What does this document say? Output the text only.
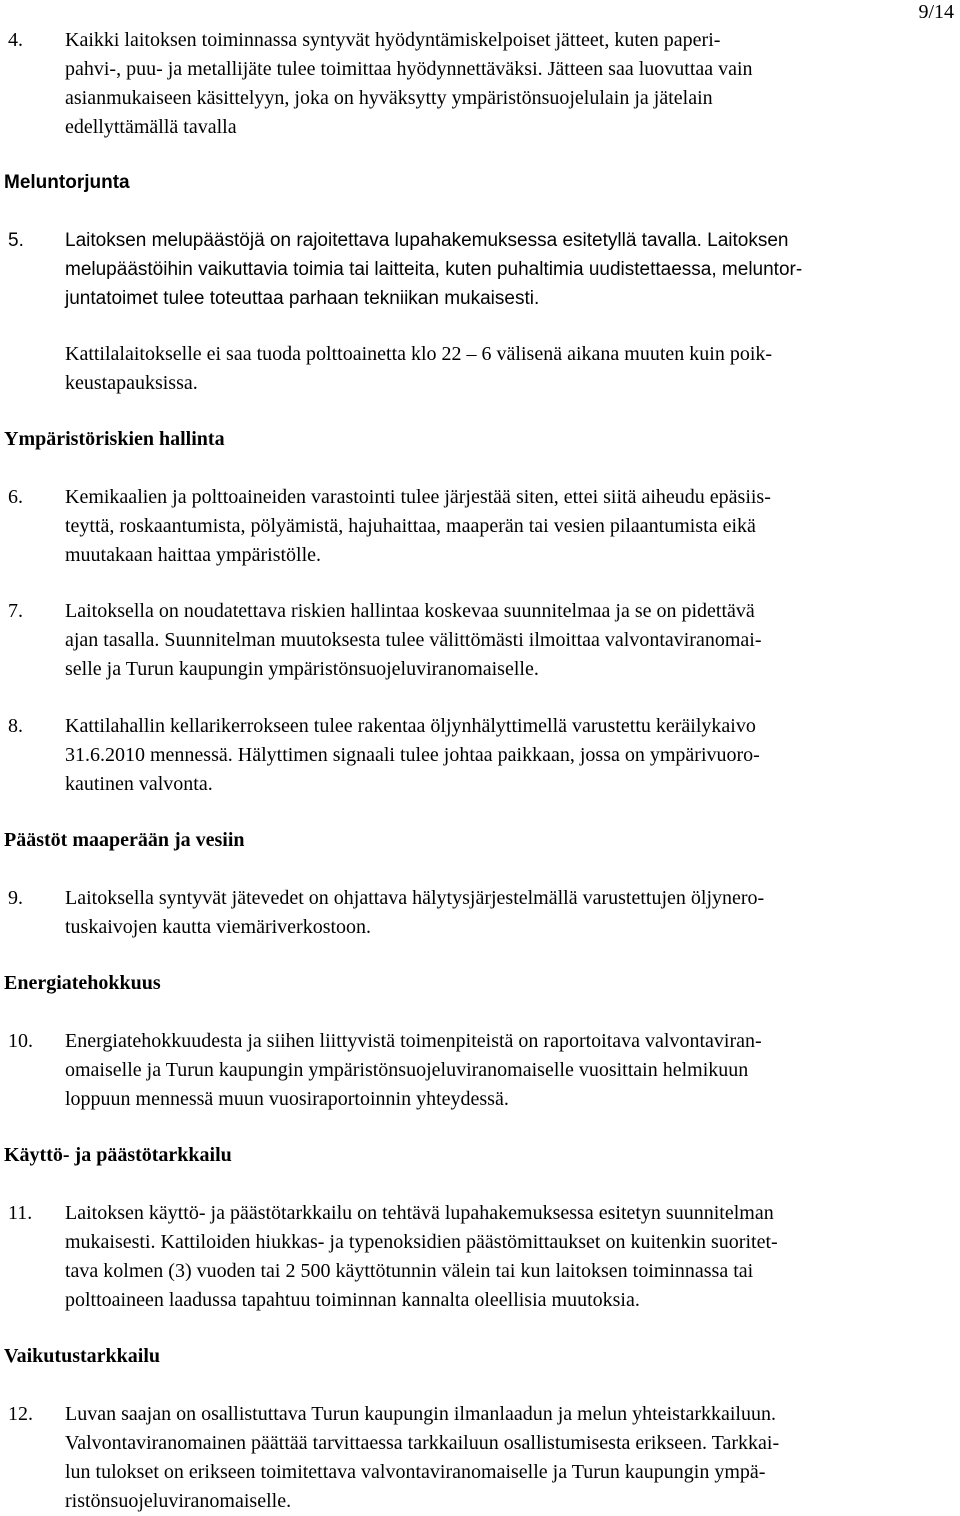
9/14
4. Kaikki laitoksen toiminnassa syntyvät hyödyntämiskelpoiset jätteet, kuten paperi-
pahvi-, puu- ja metallijäte tulee toimittaa hyödynnettäväksi. Jätteen saa luovuttaa vain
asianmukaiseen käsittelyyn, joka on hyväksytty ympäristönsuojelulain ja jätelain
edellyttämällä tavalla
Meluntorjunta
5. Laitoksen melupäästöjä on rajoitettava lupahakemuksessa esitetyllä tavalla. Laitoksen
melupäästöihin vaikuttavia toimia tai laitteita, kuten puhaltimia uudistettaessa, meluntor-
juntatoimet tulee toteuttaa parhaan tekniikan mukaisesti.
Kattilalaitokselle ei saa tuoda polttoainetta klo 22 – 6 välisenä aikana muuten kuin poik-
keustapauksissa.
Ympäristöriskien hallinta
6. Kemikaalien ja polttoaineiden varastointi tulee järjestää siten, ettei siitä aiheudu epäsiis-
teyttä, roskaantumista, pölyämistä, hajuhaittaa, maaperän tai vesien pilaantumista eikä
muutakaan haittaa ympäristölle.
7. Laitoksella on noudatettava riskien hallintaa koskevaa suunnitelmaa ja se on pidettävä
ajan tasalla. Suunnitelman muutoksesta tulee välittömästi ilmoittaa valvontaviranomai-
selle ja Turun kaupungin ympäristönsuojeluviranomaiselle.
8. Kattilahallin kellarikerrokseen tulee rakentaa öljynhälyttimellä varustettu keräilykaivo
31.6.2010 mennessä. Hälyttimen signaali tulee johtaa paikkaan, jossa on ympärivuoro-
kautinen valvonta.
Päästöt maaperään ja vesiin
9. Laitoksella syntyvät jätevedet on ohjattava hälytysjärjestelmällä varustettujen öljynero-
tuskaivojen kautta viemäriverkostoon.
Energiatehokkuus
10. Energiatehokkuudesta ja siihen liittyvistä toimenpiteistä on raportoitava valvontaviran-
omaiselle ja Turun kaupungin ympäristönsuojeluviranomaiselle vuosittain helmikuun
loppuun mennessä muun vuosiraportoinnin yhteydessä.
Käyttö- ja päästötarkkailu
11. Laitoksen käyttö- ja päästötarkkailu on tehtävä lupahakemuksessa esitetyn suunnitelman
mukaisesti. Kattiloiden hiukkas- ja typenoksidien päästömittaukset on kuitenkin suoritet-
tava kolmen (3) vuoden tai 2 500 käyttötunnin välein tai kun laitoksen toiminnassa tai
polttoaineen laadussa tapahtuu toiminnan kannalta oleellisia muutoksia.
Vaikutustarkkailu
12. Luvan saajan on osallistuttava Turun kaupungin ilmanlaadun ja melun yhteistarkkailuun.
Valvontaviranomainen päättää tarvittaessa tarkkailuun osallistumisesta erikseen. Tarkkai-
lun tulokset on erikseen toimitettava valvontaviranomaiselle ja Turun kaupungin ympä-
ristönsuojeluviranomaiselle.
